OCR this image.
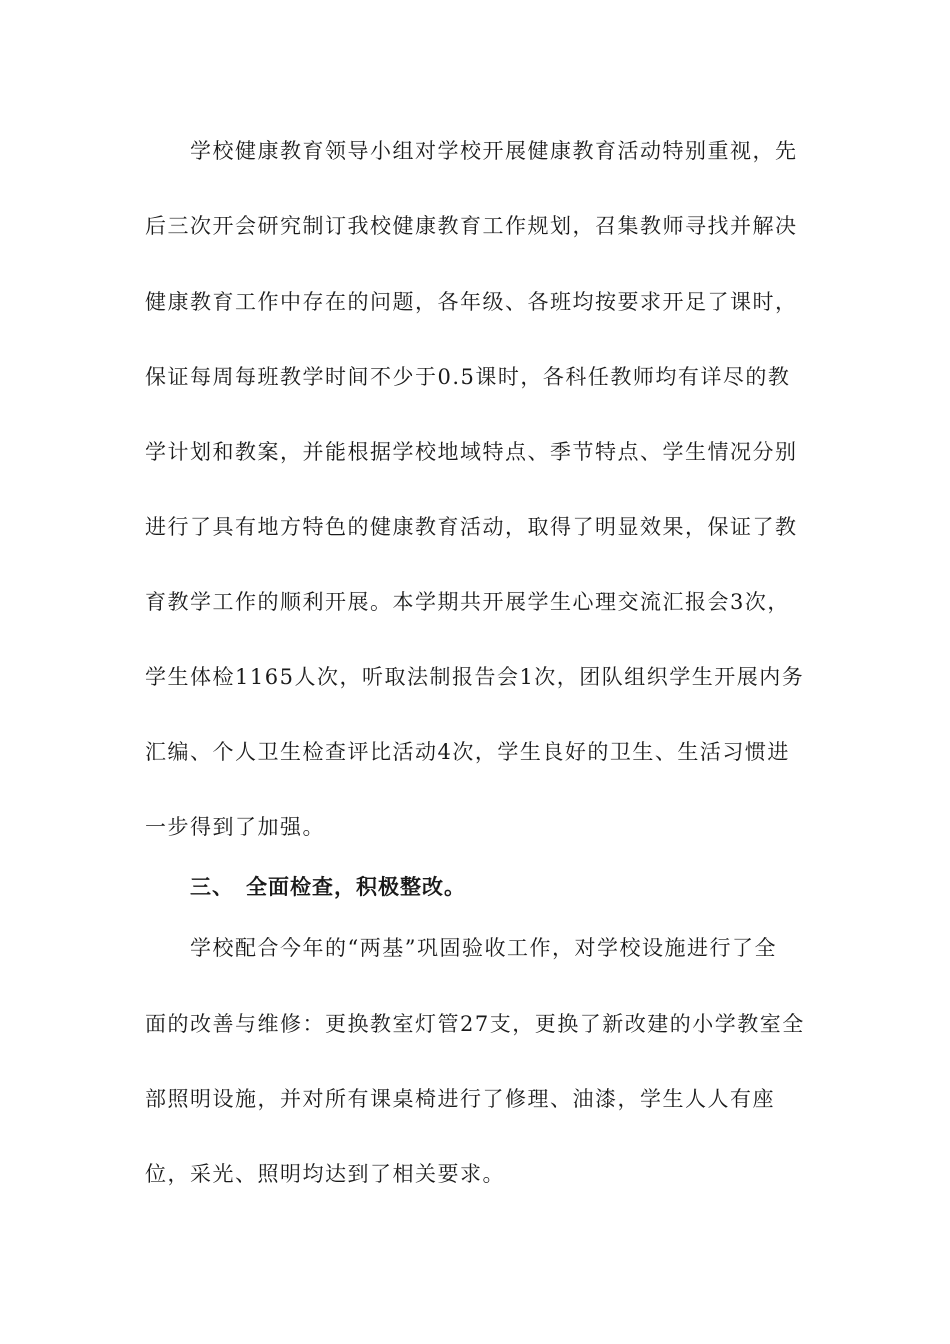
学校健康教育领导小组对学校开展健康教育活动特别重视，先
后三次开会研究制订我校健康教育工作规划，召集教师寻找并解决
健康教育工作中存在的问题，各年级、各班均按要求开足了课时，
保证每周每班教学时间不少于0.5课时，各科任教师均有详尽的教
学计划和教案，并能根据学校地域特点、季节特点、学生情况分别
进行了具有地方特色的健康教育活动，取得了明显效果，保证了教
育教学工作的顺利开展。本学期共开展学生心理交流汇报会3次，
学生体检1165人次，听取法制报告会1次，团队组织学生开展内务
汇编、个人卫生检查评比活动4次，学生良好的卫生、生活习惯进
一步得到了加强。
三、 全面检查，积极整改。
学校配合今年的“两基”巩固验收工作，对学校设施进行了全
面的改善与维修：更换教室灯管27支，更换了新改建的小学教室全
部照明设施，并对所有课桌椅进行了修理、油漆，学生人人有座
位，采光、照明均达到了相关要求。
